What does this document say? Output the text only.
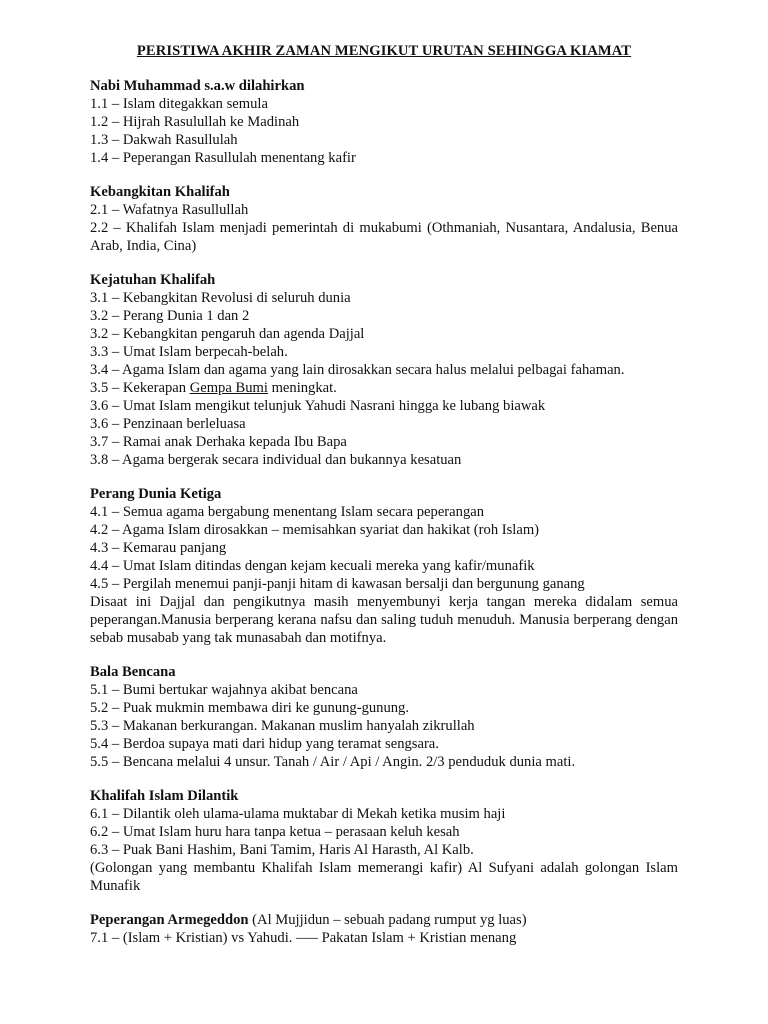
PERISTIWA AKHIR ZAMAN MENGIKUT URUTAN SEHINGGA KIAMAT
Nabi Muhammad s.a.w dilahirkan
1.1 – Islam ditegakkan semula
1.2 – Hijrah Rasulullah ke Madinah
1.3 – Dakwah Rasullulah
1.4 – Peperangan Rasullulah menentang kafir
Kebangkitan Khalifah
2.1 – Wafatnya Rasullullah
2.2 – Khalifah Islam menjadi pemerintah di mukabumi (Othmaniah, Nusantara, Andalusia, Benua Arab, India, Cina)
Kejatuhan Khalifah
3.1 – Kebangkitan Revolusi di seluruh dunia
3.2 – Perang Dunia 1 dan 2
3.2 – Kebangkitan pengaruh dan agenda Dajjal
3.3 – Umat Islam berpecah-belah.
3.4 – Agama Islam dan agama yang lain dirosakkan secara halus melalui pelbagai fahaman.
3.5 – Kekerapan Gempa Bumi meningkat.
3.6 – Umat Islam mengikut telunjuk Yahudi Nasrani hingga ke lubang biawak
3.6 – Penzinaan berleluasa
3.7 – Ramai anak Derhaka kepada Ibu Bapa
3.8 – Agama bergerak secara individual dan bukannya kesatuan
Perang Dunia Ketiga
4.1 – Semua agama bergabung menentang Islam secara peperangan
4.2 – Agama Islam dirosakkan – memisahkan syariat dan hakikat (roh Islam)
4.3 – Kemarau panjang
4.4 – Umat Islam ditindas dengan kejam kecuali mereka yang kafir/munafik
4.5 – Pergilah menemui panji-panji hitam di kawasan bersalji dan bergunung ganang
Disaat ini Dajjal dan pengikutnya masih menyembunyi kerja tangan mereka didalam semua peperangan.Manusia berperang kerana nafsu dan saling tuduh menuduh. Manusia berperang dengan sebab musabab yang tak munasabah dan motifnya.
Bala Bencana
5.1 – Bumi bertukar wajahnya akibat bencana
5.2 – Puak mukmin membawa diri ke gunung-gunung.
5.3 – Makanan berkurangan. Makanan muslim hanyalah zikrullah
5.4 – Berdoa supaya mati dari hidup yang teramat sengsara.
5.5 – Bencana melalui 4 unsur. Tanah / Air / Api / Angin. 2/3 penduduk dunia mati.
Khalifah Islam Dilantik
6.1 – Dilantik oleh ulama-ulama muktabar di Mekah ketika musim haji
6.2 – Umat Islam huru hara tanpa ketua – perasaan keluh kesah
6.3 – Puak Bani Hashim, Bani Tamim, Haris Al Harasth, Al Kalb.
(Golongan yang membantu Khalifah Islam memerangi kafir) Al Sufyani adalah golongan Islam Munafik
Peperangan Armegeddon (Al Mujjidun – sebuah padang rumput yg luas)
7.1 – (Islam + Kristian) vs Yahudi. ––– Pakatan Islam + Kristian menang
